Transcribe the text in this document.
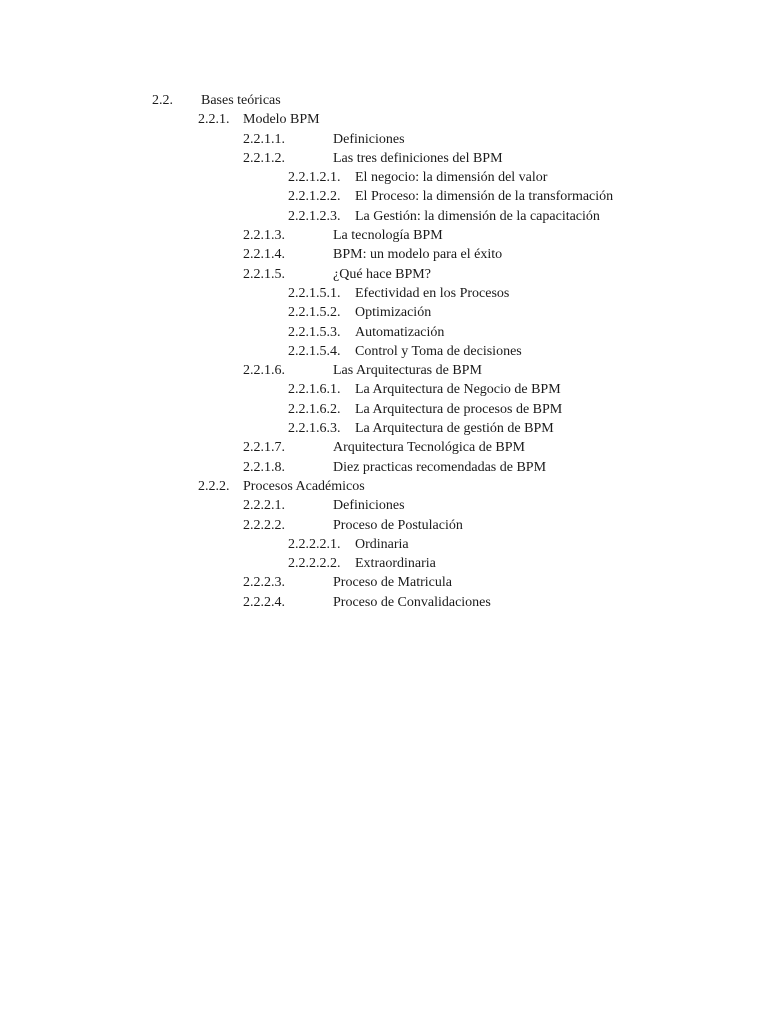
2.2. Bases teóricas
2.2.1. Modelo BPM
2.2.1.1.	Definiciones
2.2.1.2.	Las tres definiciones del BPM
2.2.1.2.1. El negocio: la dimensión del valor
2.2.1.2.2. El Proceso: la dimensión de la transformación
2.2.1.2.3. La Gestión: la dimensión de la capacitación
2.2.1.3.	La tecnología BPM
2.2.1.4.	BPM: un modelo para el éxito
2.2.1.5.	¿Qué hace BPM?
2.2.1.5.1. Efectividad en los Procesos
2.2.1.5.2. Optimización
2.2.1.5.3. Automatización
2.2.1.5.4. Control y Toma de decisiones
2.2.1.6.	Las Arquitecturas de BPM
2.2.1.6.1. La Arquitectura de Negocio de BPM
2.2.1.6.2. La Arquitectura de procesos de BPM
2.2.1.6.3. La Arquitectura de gestión de BPM
2.2.1.7.	Arquitectura Tecnológica de BPM
2.2.1.8.	Diez practicas recomendadas de BPM
2.2.2. Procesos Académicos
2.2.2.1.	Definiciones
2.2.2.2.	Proceso de Postulación
2.2.2.2.1. Ordinaria
2.2.2.2.2. Extraordinaria
2.2.2.3.	Proceso de Matricula
2.2.2.4.	Proceso de Convalidaciones
